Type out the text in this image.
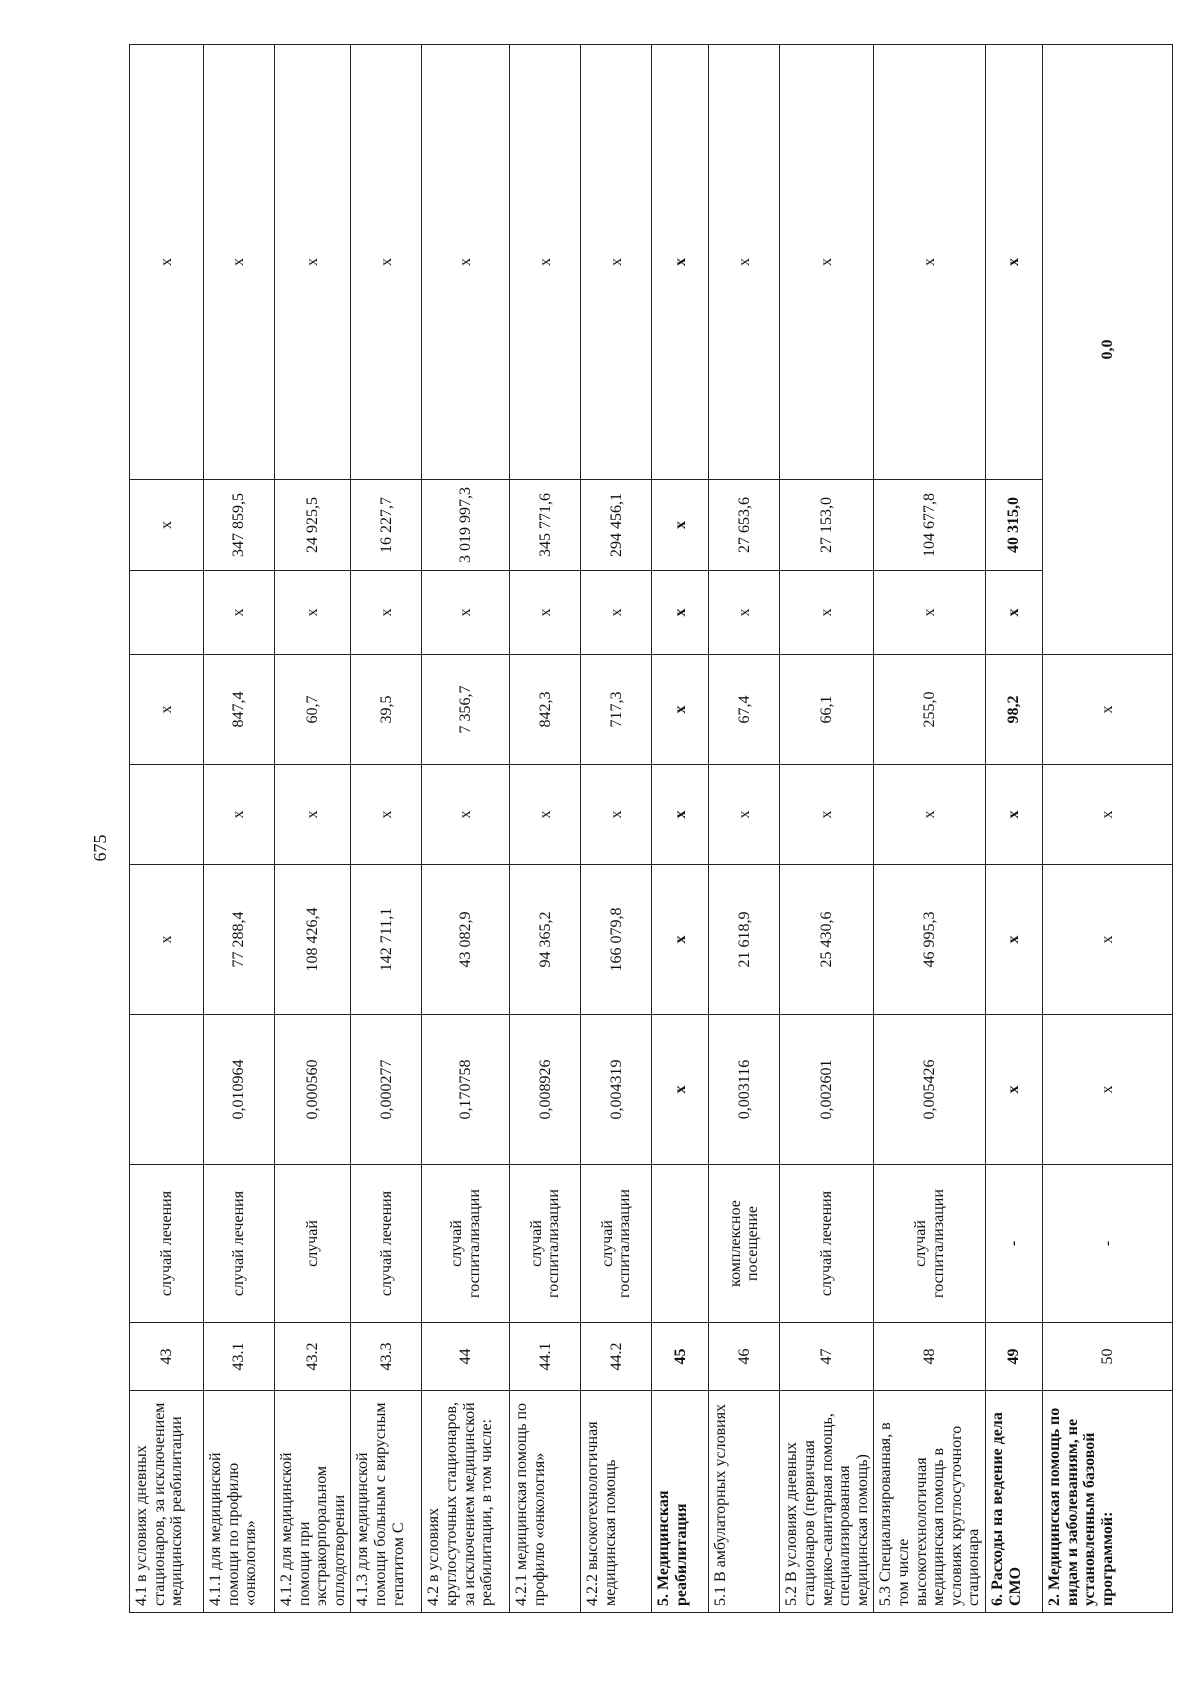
675
4.1 в условиях дневных стационаров, за исключением медицинской реабилитации	43	случай лечения		x		x		x	x
4.1.1 для медицинской помощи по профилю «онкология»	43.1	случай лечения	0,010964	77 288,4	x	847,4	x	347 859,5	x
4.1.2 для медицинской помощи при экстракорпоральном оплодотворении	43.2	случай	0,000560	108 426,4	x	60,7	x	24 925,5	x
4.1.3 для медицинской помощи больным с вирусным гепатитом С	43.3	случай лечения	0,000277	142 711,1	x	39,5	x	16 227,7	x
4.2 в условиях круглосуточных стационаров, за исключением медицинской реабилитации, в том числе:	44	случай госпитализации	0,170758	43 082,9	x	7 356,7	x	3 019 997,3	x
4.2.1 медицинская помощь по профилю «онкология»	44.1	случай госпитализации	0,008926	94 365,2	x	842,3	x	345 771,6	x
4.2.2 высокотехнологичная медицинская помощь	44.2	случай госпитализации	0,004319	166 079,8	x	717,3	x	294 456,1	x
5. Медицинская реабилитация	45		x	x	x	x	x	x	x
5.1 В амбулаторных условиях	46	комплексное посещение	0,003116	21 618,9	x	67,4	x	27 653,6	x
5.2 В условиях дневных стационаров (первичная медико-санитарная помощь, специализированная медицинская помощь)	47	случай лечения	0,002601	25 430,6	x	66,1	x	27 153,0	x
5.3 Специализированная, в том числе высокотехнологичная медицинская помощь в условиях круглосуточного стационара	48	случай госпитализации	0,005426	46 995,3	x	255,0	x	104 677,8	x
6. Расходы на ведение дела СМО	49	-	x	x	x	98,2	x	40 315,0	x
2. Медицинская помощь по видам и заболеваниям, не установленным базовой программой:	50	-	x	x	x	x	0,0		
